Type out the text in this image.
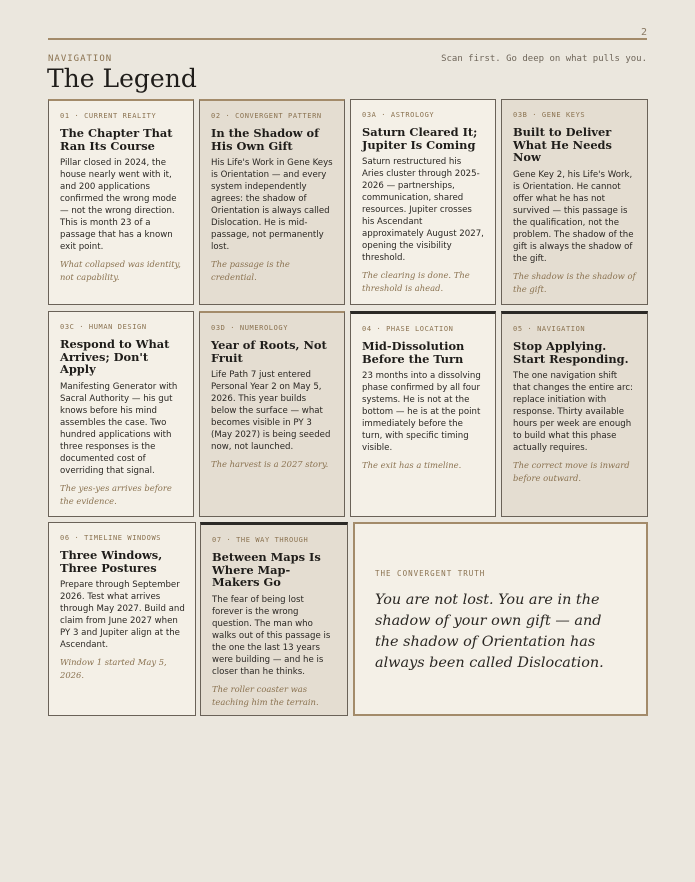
2
NAVIGATION
The Legend
Scan first. Go deep on what pulls you.
01 · CURRENT REALITY
The Chapter That Ran Its Course
Pillar closed in 2024, the house nearly went with it, and 200 applications confirmed the wrong mode — not the wrong direction. This is month 23 of a passage that has a known exit point.
What collapsed was identity, not capability.
02 · CONVERGENT PATTERN
In the Shadow of His Own Gift
His Life's Work in Gene Keys is Orientation — and every system independently agrees: the shadow of Orientation is always called Dislocation. He is mid-passage, not permanently lost.
The passage is the credential.
03A · ASTROLOGY
Saturn Cleared It; Jupiter Is Coming
Saturn restructured his Aries cluster through 2025-2026 — partnerships, communication, shared resources. Jupiter crosses his Ascendant approximately August 2027, opening the visibility threshold.
The clearing is done. The threshold is ahead.
03B · GENE KEYS
Built to Deliver What He Needs Now
Gene Key 2, his Life's Work, is Orientation. He cannot offer what he has not survived — this passage is the qualification, not the problem. The shadow of the gift is always the shadow of the gift.
The shadow is the shadow of the gift.
03C · HUMAN DESIGN
Respond to What Arrives; Don't Apply
Manifesting Generator with Sacral Authority — his gut knows before his mind assembles the case. Two hundred applications with three responses is the documented cost of overriding that signal.
The yes-yes arrives before the evidence.
03D · NUMEROLOGY
Year of Roots, Not Fruit
Life Path 7 just entered Personal Year 2 on May 5, 2026. This year builds below the surface — what becomes visible in PY 3 (May 2027) is being seeded now, not launched.
The harvest is a 2027 story.
04 · PHASE LOCATION
Mid-Dissolution Before the Turn
23 months into a dissolving phase confirmed by all four systems. He is not at the bottom — he is at the point immediately before the turn, with specific timing visible.
The exit has a timeline.
05 · NAVIGATION
Stop Applying. Start Responding.
The one navigation shift that changes the entire arc: replace initiation with response. Thirty available hours per week are enough to build what this phase actually requires.
The correct move is inward before outward.
06 · TIMELINE WINDOWS
Three Windows, Three Postures
Prepare through September 2026. Test what arrives through May 2027. Build and claim from June 2027 when PY 3 and Jupiter align at the Ascendant.
Window 1 started May 5, 2026.
07 · THE WAY THROUGH
Between Maps Is Where Map-Makers Go
The fear of being lost forever is the wrong question. The man who walks out of this passage is the one the last 13 years were building — and he is closer than he thinks.
The roller coaster was teaching him the terrain.
THE CONVERGENT TRUTH
You are not lost. You are in the shadow of your own gift — and the shadow of Orientation has always been called Dislocation.
